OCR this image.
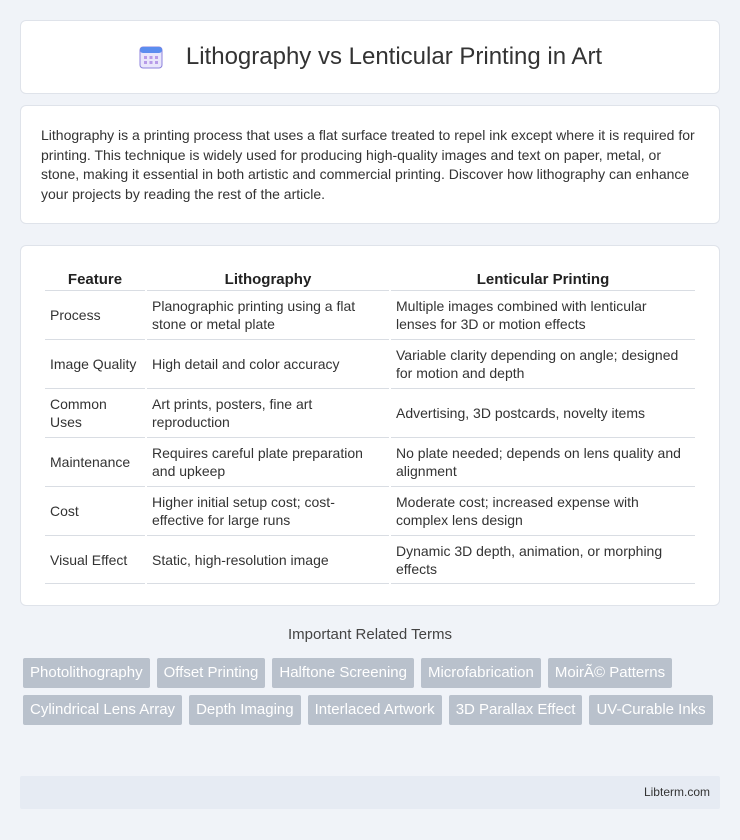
Lithography vs Lenticular Printing in Art

Lithography is a printing process that uses a flat surface treated to repel ink except where it is required for printing. This technique is widely used for producing high-quality images and text on paper, metal, or stone, making it essential in both artistic and commercial printing. Discover how lithography can enhance your projects by reading the rest of the article.

Feature	Lithography	Lenticular Printing
Process	Planographic printing using a flat stone or metal plate	Multiple images combined with lenticular lenses for 3D or motion effects
Image Quality	High detail and color accuracy	Variable clarity depending on angle; designed for motion and depth
Common Uses	Art prints, posters, fine art reproduction	Advertising, 3D postcards, novelty items
Maintenance	Requires careful plate preparation and upkeep	No plate needed; depends on lens quality and alignment
Cost	Higher initial setup cost; cost-effective for large runs	Moderate cost; increased expense with complex lens design
Visual Effect	Static, high-resolution image	Dynamic 3D depth, animation, or morphing effects
Important Related Terms
Photolithography	Offset Printing	Halftone Screening	Microfabrication	MoirÃ© Patterns
Cylindrical Lens Array	Depth Imaging	Interlaced Artwork	3D Parallax Effect	UV-Curable Inks
Libterm.com
